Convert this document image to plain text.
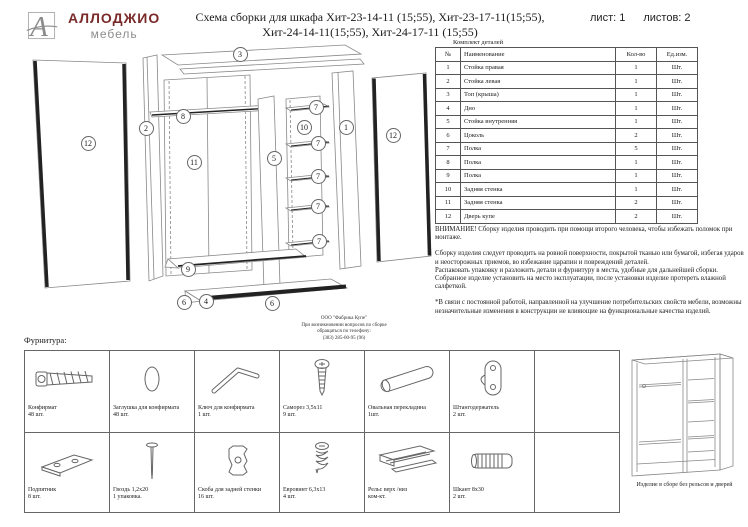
A АЛЛОДЖИО
мебель
Схема сборки для шкафа Хит-23-14-11 (15;55), Хит-23-17-11(15;55),
Хит-24-14-11(15;55), Хит-24-17-11 (15;55)
лист: 1 листов: 2
12
2
3
8
11	5
10
7
7
7
7
7
1
12
9
6	4	6
ООО "Фабрика Купе"
При возникновении вопросов по сборке
обращаться по телефону:
(383) 285-00-95 (96)
Комплект деталей
№	Наименование	Кол-во	Ед.изм.
1	Стойка правая	1	Шт.
2	Стойка левая	1	Шт.
3	Топ (крыша)	1	Шт.
4	Дно	1	Шт.
5	Стойка внутренняя	1	Шт.
6	Цоколь	2	Шт.
7	Полка	5	Шт.
8	Полка	1	Шт.
9	Полка	1	Шт.
10	Задняя стенка	1	Шт.
11	Задняя стенка	2	Шт.
12	Дверь купе	2	Шт.

ВНИМАНИЕ! Сборку изделия проводить при помощи второго человека, чтобы избежать поломок при монтаже.

Сборку изделия следует проводить на ровной поверхности, покрытой тканью или бумагой, избегая ударов и неосторожных приемов, во избежание царапин и повреждений деталей.

Распаковать упаковку и разложить детали и фурнитуру в места, удобные для дальнейшей сборки.

Собранное изделие установить на место эксплуатации, после установки изделие протереть влажной салфеткой.

*В связи с постоянной работой, направленной на улучшение потребительских свойств мебели, возможны незначительные изменения в конструкции не влияющие на функциональные качества изделий.

Фурнитура:
Конфирмат
48 шт.
Заглушка для конфирмата
48 шт.
Ключ для конфирмата
1 шт.
Саморез 3,5х11
9 шт.
Овальная перекладина
1шт.
Штангодержатель
2 шт.
Подпятник
8 шт.
Гвоздь 1,2х20
1 упаковка.
Скоба для задней стенки
16 шт.
Евровинт 6,3х13
4 шт.
Рельс верх /низ
ком-кт.
Шкант 8х30
2 шт.
Изделие в сборе без рельсов и дверей
